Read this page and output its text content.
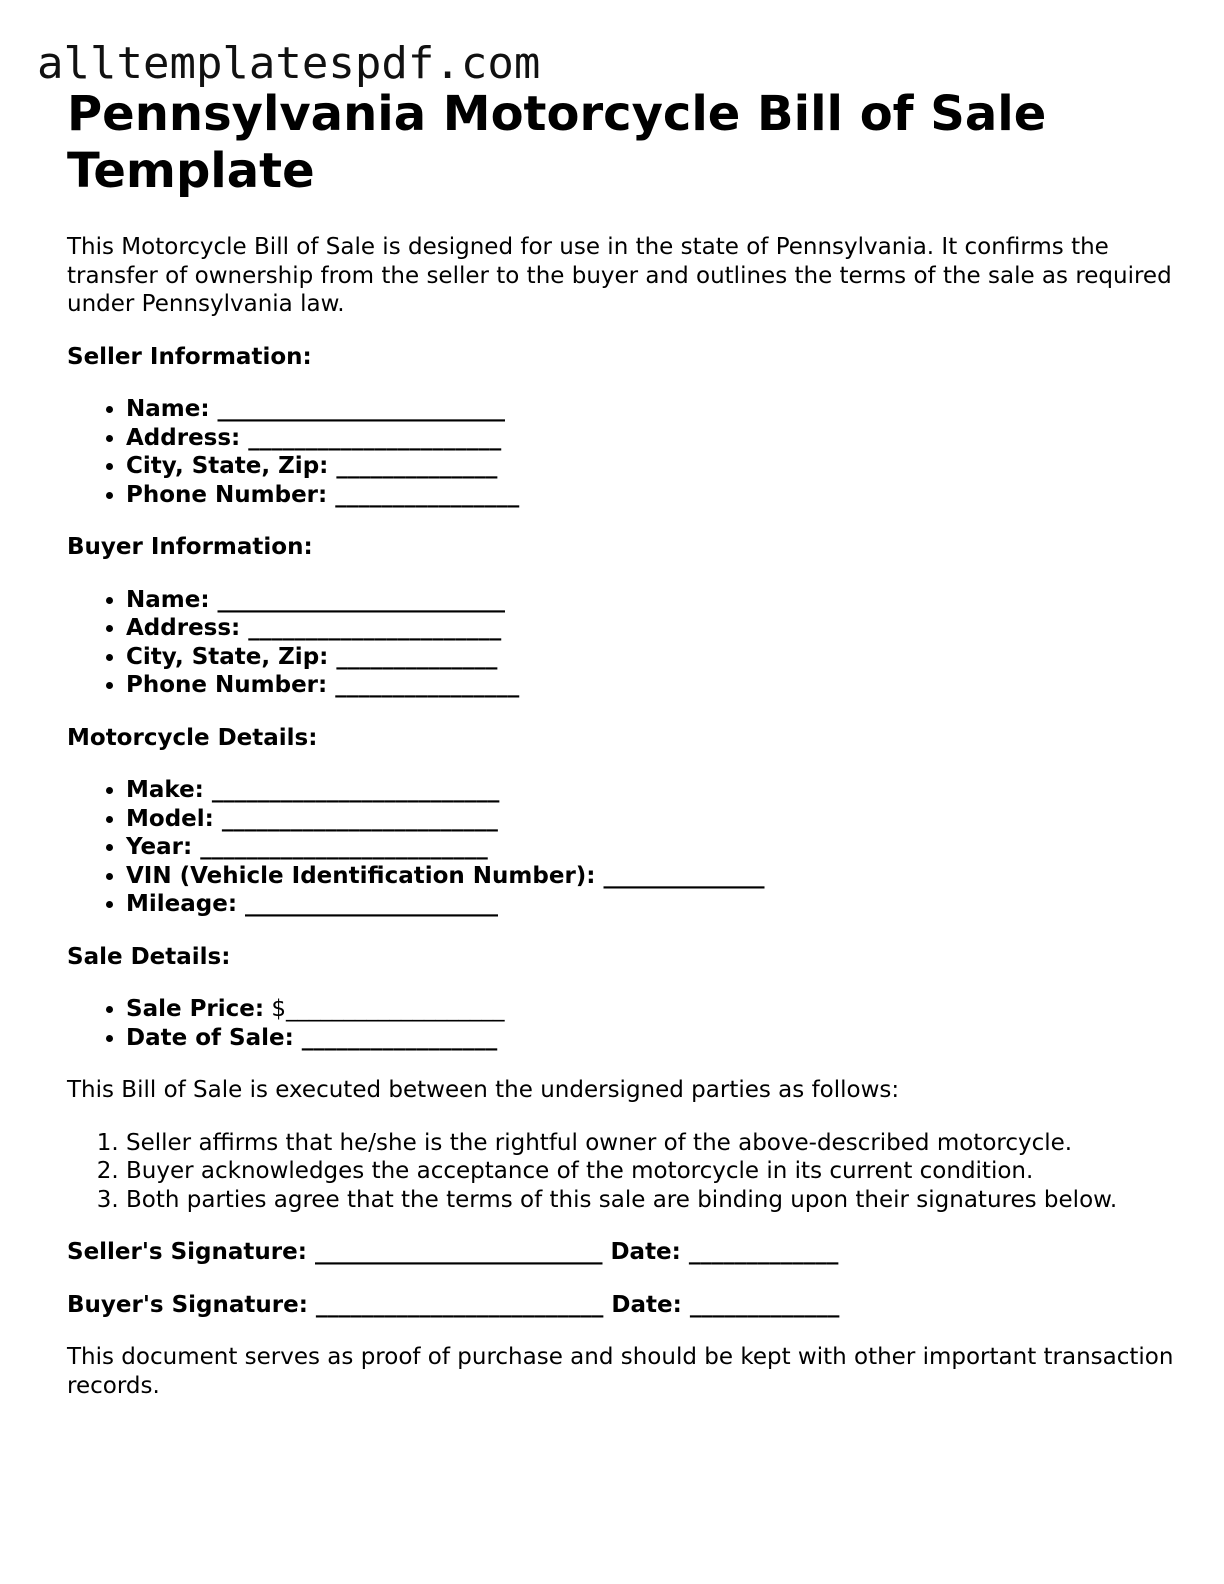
alltemplatespdf.com
Pennsylvania Motorcycle Bill of Sale Template

This Motorcycle Bill of Sale is designed for use in the state of Pennsylvania. It confirms the transfer of ownership from the seller to the buyer and outlines the terms of the sale as required under Pennsylvania law.

Seller Information:
• Name: _________________________
• Address: ______________________
• City, State, Zip: ______________
• Phone Number: ________________
Buyer Information:
• Name: _________________________
• Address: ______________________
• City, State, Zip: ______________
• Phone Number: ________________
Motorcycle Details:
• Make: _________________________
• Model: ________________________
• Year: _________________________
• VIN (Vehicle Identification Number): ______________
• Mileage: ______________________
Sale Details:
• Sale Price: $___________________
• Date of Sale: _________________

This Bill of Sale is executed between the undersigned parties as follows:

1. Seller affirms that he/she is the rightful owner of the above-described motorcycle.
2. Buyer acknowledges the acceptance of the motorcycle in its current condition.
3. Both parties agree that the terms of this sale are binding upon their signatures below.

Seller's Signature: _________________________ Date: _____________

Buyer's Signature: _________________________ Date: _____________

This document serves as proof of purchase and should be kept with other important transaction records.
